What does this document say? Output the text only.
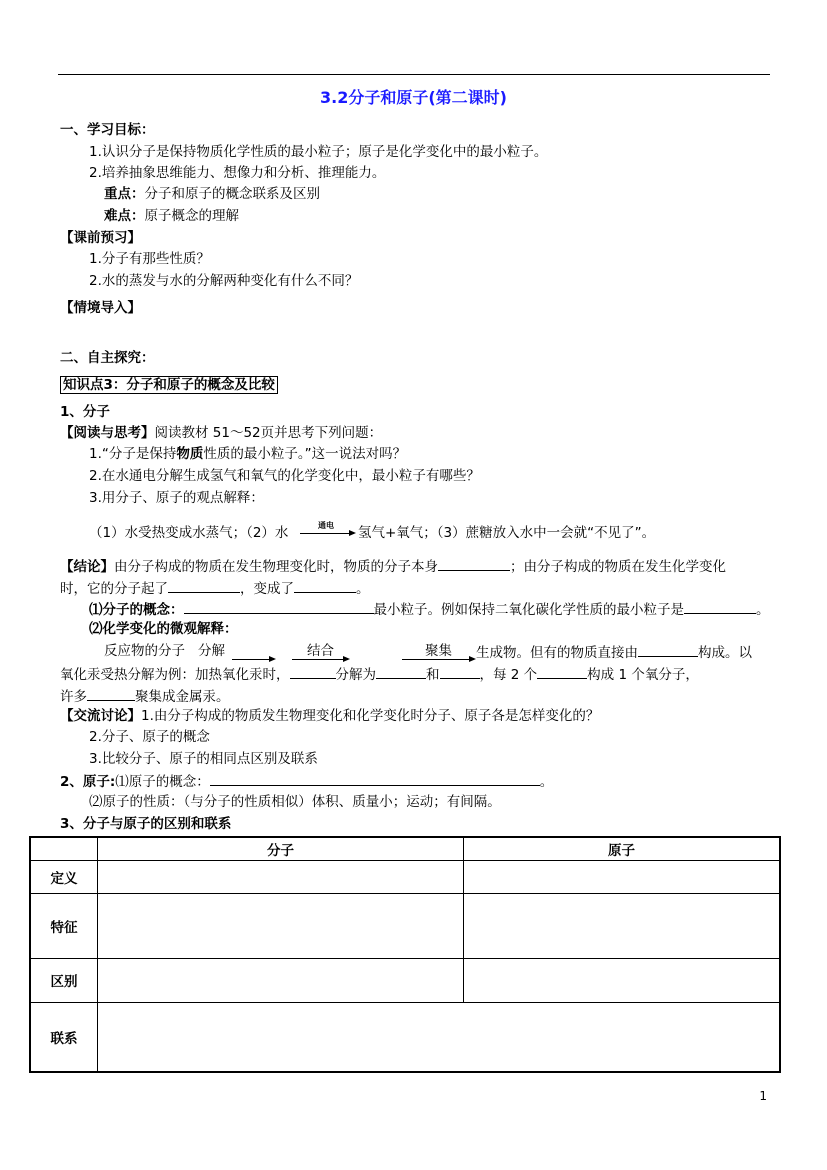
3.2分子和原子(第二课时)
一、学习目标：
1.认识分子是保持物质化学性质的最小粒子；原子是化学变化中的最小粒子。
2.培养抽象思维能力、想像力和分析、推理能力。
重点：分子和原子的概念联系及区别
难点：原子概念的理解
【课前预习】
1.分子有那些性质？
2.水的蒸发与水的分解两种变化有什么不同？
【情境导入】
二、自主探究：
知识点3：分子和原子的概念及比较
1、分子
【阅读与思考】阅读教材 51～52页并思考下列问题：
1.“分子是保持物质性质的最小粒子。”这一说法对吗？
2.在水通电分解生成氢气和氧气的化学变化中，最小粒子有哪些？
3.用分子、原子的观点解释：
（1）水受热变成水蒸气；（2）水	通电 氢气+氧气；（3）蔗糖放入水中一会就“不见了”。
【结论】由分子构成的物质在发生物理变化时，物质的分子本身	；由分子构成的物质在发生化学变化
时，它的分子起了	，变成了	。
⑴分子的概念：	最小粒子。例如保持二氧化碳化学性质的最小粒子是	。
⑵化学变化的微观解释：
反应物的分子 分解	结合	聚集 生成物。但有的物质直接由	构成。以
氧化汞受热分解为例：加热氧化汞时，	分解为	和	，每 2 个	构成 1 个氧分子，
许多	聚集成金属汞。
【交流讨论】1.由分子构成的物质发生物理变化和化学变化时分子、原子各是怎样变化的？
2.分子、原子的概念
3.比较分子、原子的相同点区别及联系
2、原子:⑴原子的概念：	。
⑵原子的性质：（与分子的性质相似）体积、质量小；运动；有间隔。
3、分子与原子的区别和联系
	分子	原子
定义		
特征		
区别		
联系		
1
